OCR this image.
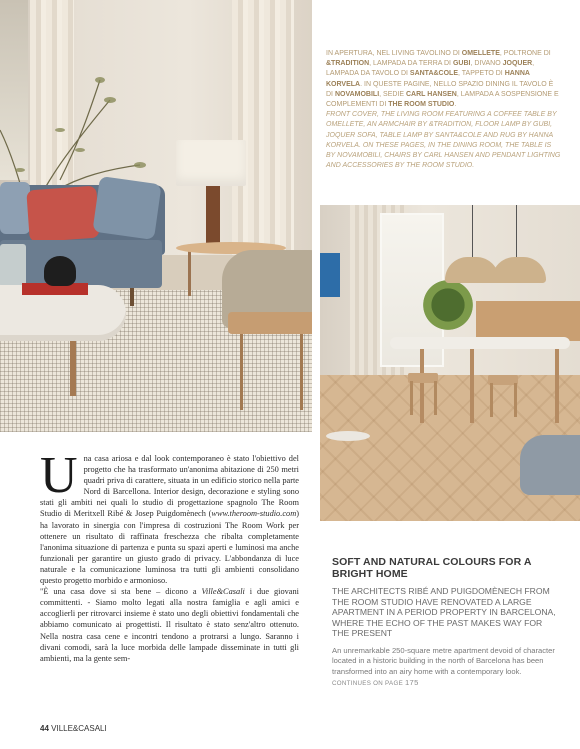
IN APERTURA, NEL LIVING TAVOLINO DI OMELLETE, POLTRONE DI &TRADITION, LAMPADA DA TERRA DI GUBI, DIVANO JOQUER, LAMPADA DA TAVOLO DI SANTA&COLE, TAPPETO DI HANNA KORVELA. IN QUESTE PAGINE, NELLO SPAZIO DINING IL TAVOLO È DI NOVAMOBILI, SEDIE CARL HANSEN, LAMPADA A SOSPENSIONE E COMPLEMENTI DI THE ROOM STUDIO.

FRONT COVER, THE LIVING ROOM FEATURING A COFFEE TABLE BY OMELLETE, AN ARMCHAIR BY &TRADITION, FLOOR LAMP BY GUBI, JOQUER SOFA, TABLE LAMP BY SANTA&COLE AND RUG BY HANNA KORVELA. ON THESE PAGES, IN THE DINING ROOM, THE TABLE IS BY NOVAMOBILI, CHAIRS BY CARL HANSEN AND PENDANT LIGHTING AND ACCESSORIES BY THE ROOM STUDIO.

U na casa ariosa e dal look contemporaneo è stato l'obiettivo del progetto che ha trasformato un'anonima abitazione di 250 metri quadri priva di carattere, situata in un edificio storico nella parte Nord di Barcellona. Interior design, decorazione e styling sono stati gli ambiti nei quali lo studio di progettazione spagnolo The Room Studio di Meritxell Ribé & Josep Puigdomènech (www.theroom-studio.com) ha lavorato in sinergia con l'impresa di costruzioni The Room Work per ottenere un risultato di raffinata freschezza che ribalta completamente l'anonima situazione di partenza e punta su spazi aperti e luminosi ma anche funzionali per garantire un giusto grado di privacy. L'abbondanza di luce naturale e la comunicazione luminosa tra tutti gli ambienti consolidano questo progetto morbido e armonioso.

"È una casa dove si sta bene – dicono a Ville&Casali i due giovani committenti. - Siamo molto legati alla nostra famiglia e agli amici e accoglierli per ritrovarci insieme è stato uno degli obiettivi fondamentali che abbiamo comunicato ai progettisti. Il risultato è stato senz'altro ottenuto. Nella nostra casa cene e incontri tendono a protrarsi a lungo. Saranno i divani comodi, sarà la luce morbida delle lampade disseminate in tutti gli ambienti, ma la gente sem-

SOFT AND NATURAL COLOURS FOR A BRIGHT HOME

THE ARCHITECTS RIBÉ AND PUIGDOMÈNECH FROM THE ROOM STUDIO HAVE RENOVATED A LARGE APARTMENT IN A PERIOD PROPERTY IN BARCELONA, WHERE THE ECHO OF THE PAST MAKES WAY FOR THE PRESENT

An unremarkable 250-square metre apartment devoid of character located in a historic building in the north of Barcelona has been transformed into an airy home with a contemporary look.

CONTINUES ON PAGE 175
44 VILLE&CASALI
